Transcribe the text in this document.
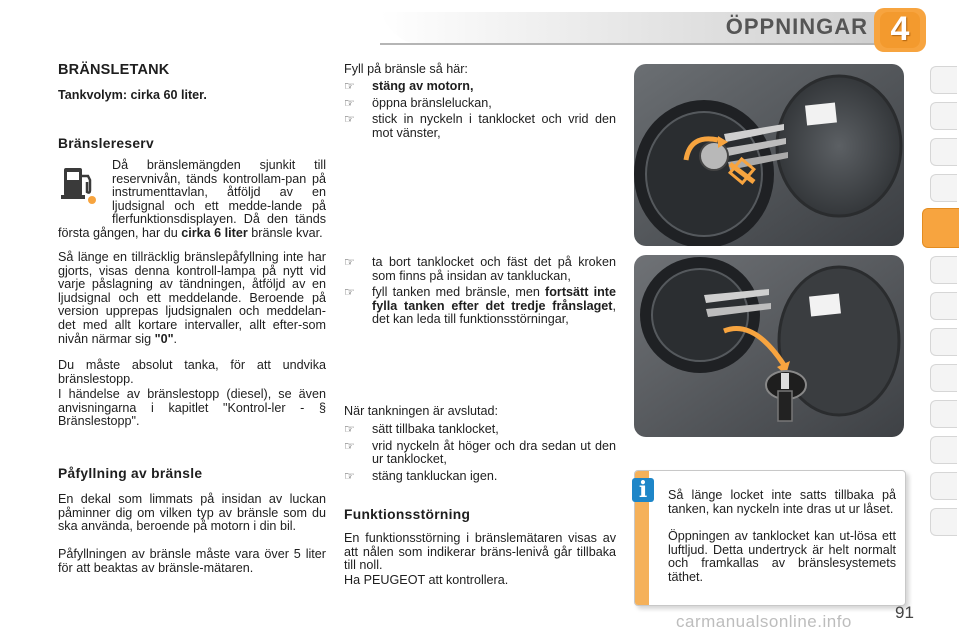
ÖPPNINGAR 4
BRÄNSLETANK

Tankvolym: cirka 60 liter.

Bränslereserv

Då bränslemängden sjunkit till reservnivån, tänds kontrollam-pan på instrumenttavlan, åtföljd av en ljudsignal och ett medde-lande på flerfunktionsdisplayen. Då den tänds första gången, har du cirka 6 liter bränsle kvar.

Så länge en tillräcklig bränslepåfyllning inte har gjorts, visas denna kontroll-lampa på nytt vid varje påslagning av tändningen, åtföljd av en ljudsignal och ett meddelande. Beroende på version upprepas ljudsignalen och meddelan-det med allt kortare intervaller, allt efter-som nivån närmar sig "0".

Du måste absolut tanka, för att undvika bränslestopp.

I händelse av bränslestopp (diesel), se även anvisningarna i kapitlet "Kontrol-ler - § Bränslestopp".

Påfyllning av bränsle

En dekal som limmats på insidan av luckan påminner dig om vilken typ av bränsle som du ska använda, beroende på motorn i din bil.

Påfyllningen av bränsle måste vara över 5 liter för att beaktas av bränsle-mätaren.

Fyll på bränsle så här:

☞ stäng av motorn,
☞ öppna bränsleluckan,
☞ stick in nyckeln i tanklocket och vrid den mot vänster,
☞ ta bort tanklocket och fäst det på kroken som finns på insidan av tankluckan,
☞ fyll tanken med bränsle, men fortsätt inte fylla tanken efter det tredje frånslaget, det kan leda till funktionsstörningar,

När tankningen är avslutad:

☞ sätt tillbaka tanklocket,
☞ vrid nyckeln åt höger och dra sedan ut den ur tanklocket,
☞ stäng tankluckan igen.
Funktionsstörning

En funktionsstörning i bränslemätaren visas av att nålen som indikerar bräns-lenivå går tillbaka till noll.

Ha PEUGEOT att kontrollera.

i	Så länge locket inte satts tillbaka på tanken, kan nyckeln inte dras ut ur låset.

Öppningen av tanklocket kan ut-lösa ett luftljud. Detta undertryck är helt normalt och framkallas av bränslesystemets täthet.

91
carmanualsonline.info
